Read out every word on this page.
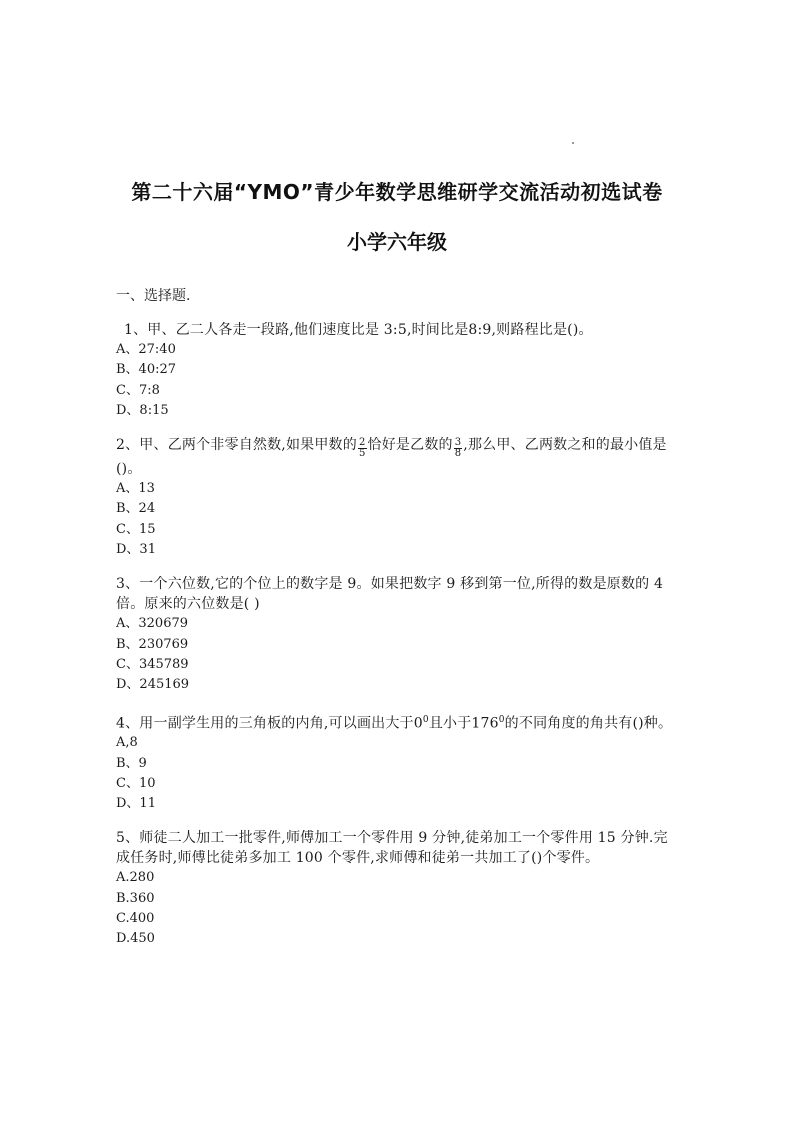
第二十六届“YMO”青少年数学思维研学交流活动初选试卷
小学六年级
一、选择题.
1、甲、乙二人各走一段路,他们速度比是 3:5,时间比是8:9,则路程比是()。
A、27:40
B、40:27
C、7:8
D、8:15
2、甲、乙两个非零自然数,如果甲数的 $\frac{2}{5}$ 恰好是乙数的 $\frac{3}{8}$ ,那么甲、乙两数之和的最小值是()。
A、13
B、24
C、15
D、31
3、一个六位数,它的个位上的数字是 9。如果把数字 9 移到第一位,所得的数是原数的 4 倍。原来的六位数是( )
A、320679
B、230769
C、345789
D、245169
4、用一副学生用的三角板的内角,可以画出大于$0^0$且小于$176^0$的不同角度的角共有()种。
A,8
B、9
C、10
D、11
5、师徒二人加工一批零件,师傅加工一个零件用 9 分钟,徒弟加工一个零件用 15 分钟.完成任务时,师傅比徒弟多加工 100 个零件,求师傅和徒弟一共加工了()个零件。
A.280
B.360
C.400
D.450
